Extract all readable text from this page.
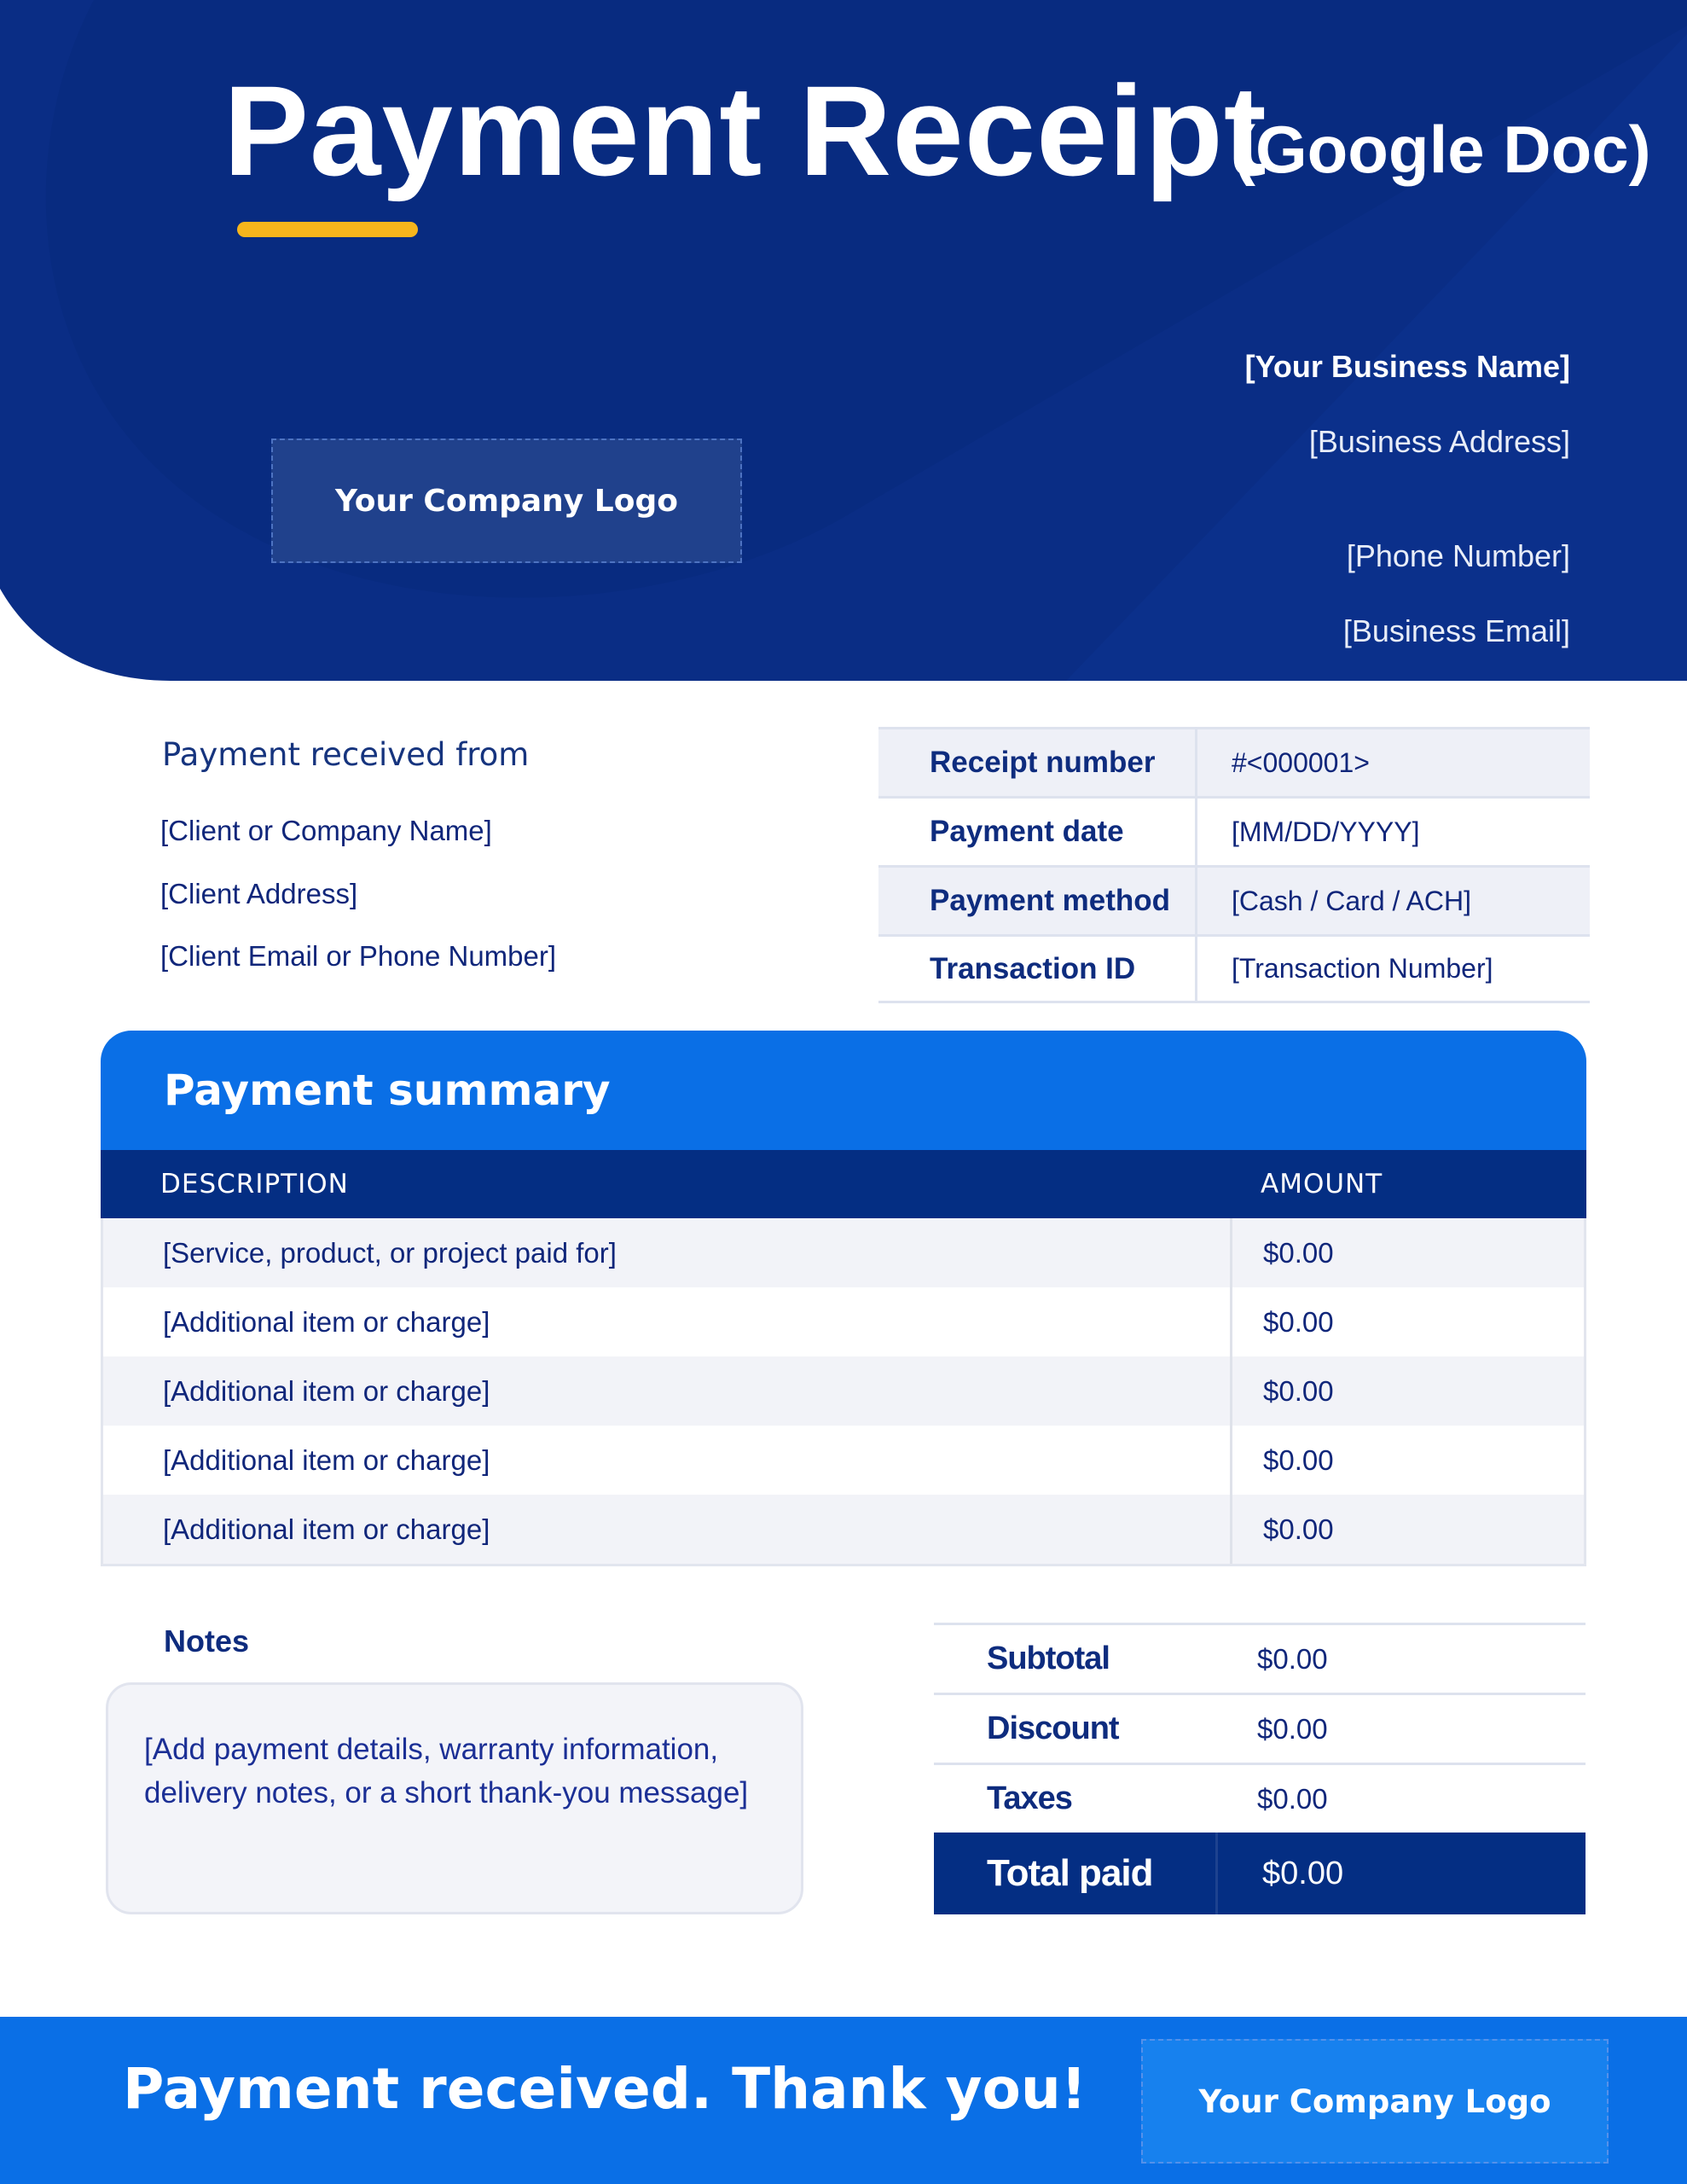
Payment Receipt
(Google Doc)
Your Company Logo
[Your Business Name]
[Business Address]
[Phone Number]
[Business Email]
Payment received from
[Client or Company Name]
[Client Address]
[Client Email or Phone Number]
Receipt number	#<000001>
Payment date	[MM/DD/YYYY]
Payment method	[Cash / Card / ACH]
Transaction ID	[Transaction Number]
Payment summary
DESCRIPTION	AMOUNT
[Service, product, or project paid for]	$0.00
[Additional item or charge]	$0.00
[Additional item or charge]	$0.00
[Additional item or charge]	$0.00
[Additional item or charge]	$0.00
Notes
[Add payment details, warranty information, delivery notes, or a short thank-you message]
Subtotal	$0.00
Discount	$0.00
Taxes	$0.00
Total paid	$0.00
Payment received. Thank you!	Your Company Logo
